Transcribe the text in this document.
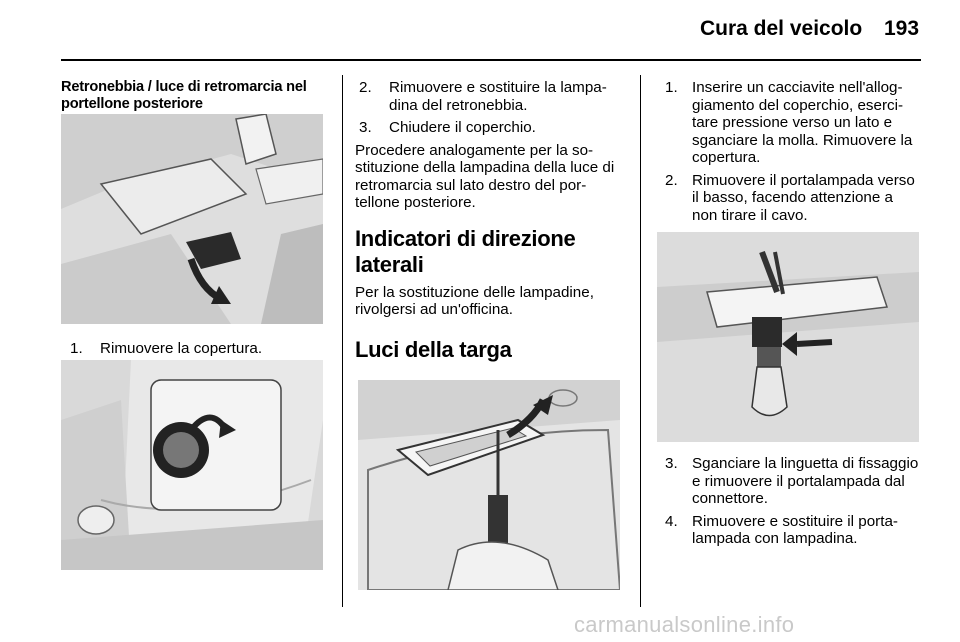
Cura del veicolo 193
Retronebbia / luce di retromarcia nel portellone posteriore
1. Rimuovere la copertura.
2. Rimuovere e sostituire la lampadina del retronebbia.
3. Chiudere il coperchio.
Procedere analogamente per la sostituzione della lampadina della luce di retromarcia sul lato destro del portellone posteriore.
Indicatori di direzione laterali
Per la sostituzione delle lampadine, rivolgersi ad un'officina.
Luci della targa
1. Inserire un cacciavite nell'alloggiamento del coperchio, esercitare pressione verso un lato e sganciare la molla. Rimuovere la copertura.
2. Rimuovere il portalampada verso il basso, facendo attenzione a non tirare il cavo.
3. Sganciare la linguetta di fissaggio e rimuovere il portalampada dal connettore.
4. Rimuovere e sostituire il portalampada con lampadina.
carmanualsonline.info
